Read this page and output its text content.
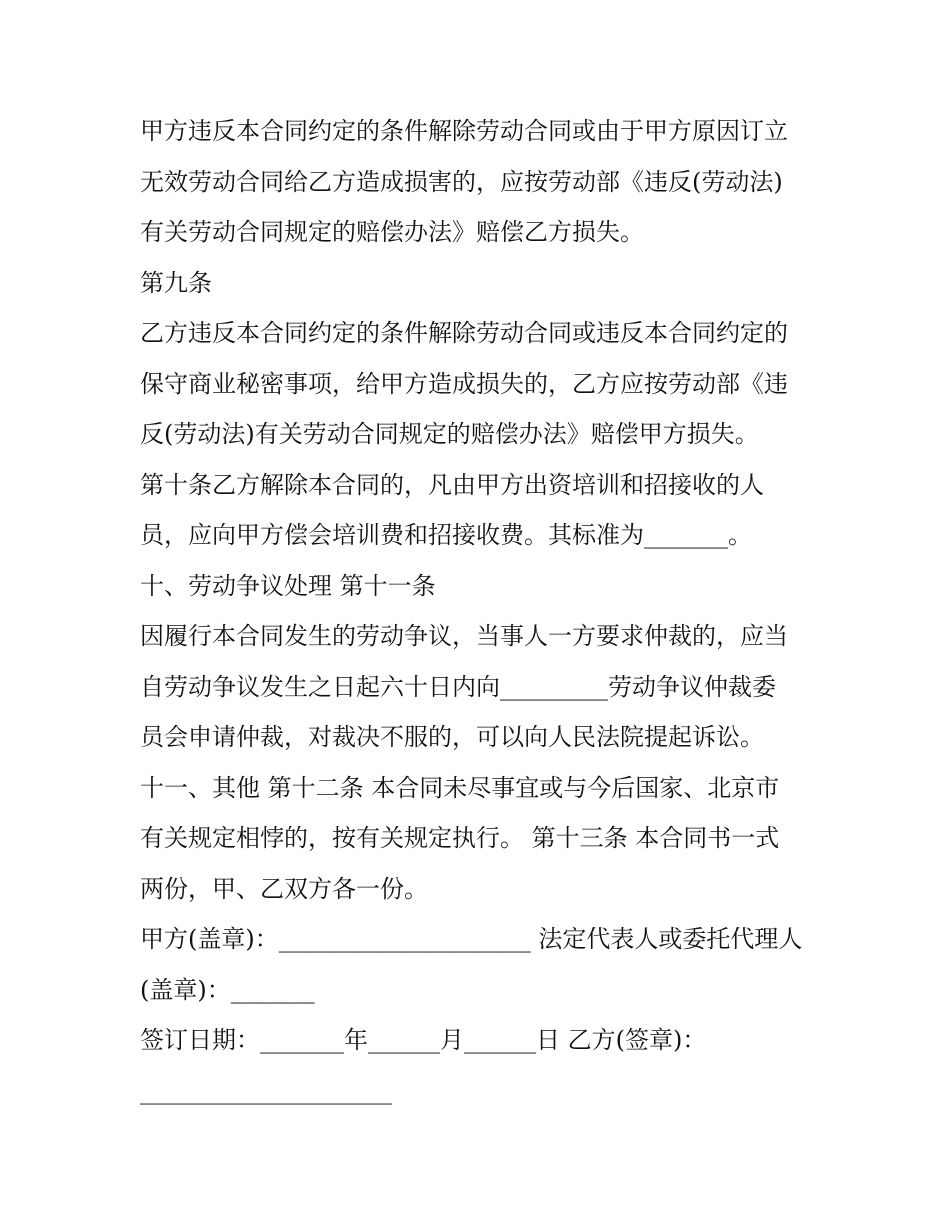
甲方违反本合同约定的条件解除劳动合同或由于甲方原因订立
无效劳动合同给乙方造成损害的，应按劳动部《违反(劳动法)
有关劳动合同规定的赔偿办法》赔偿乙方损失。
第九条
乙方违反本合同约定的条件解除劳动合同或违反本合同约定的
保守商业秘密事项，给甲方造成损失的，乙方应按劳动部《违
反(劳动法)有关劳动合同规定的赔偿办法》赔偿甲方损失。
第十条乙方解除本合同的，凡由甲方出资培训和招接收的人
员，应向甲方偿会培训费和招接收费。其标准为_______。
十、劳动争议处理 第十一条
因履行本合同发生的劳动争议，当事人一方要求仲裁的，应当
自劳动争议发生之日起六十日内向_________劳动争议仲裁委
员会申请仲裁，对裁决不服的，可以向人民法院提起诉讼。
十一、其他 第十二条 本合同未尽事宜或与今后国家、北京市
有关规定相悖的，按有关规定执行。 第十三条 本合同书一式
两份，甲、乙双方各一份。
甲方(盖章)：_____________________ 法定代表人或委托代理人
(盖章)：_______
签订日期：_______年______月______日 乙方(签章)：
_____________________
